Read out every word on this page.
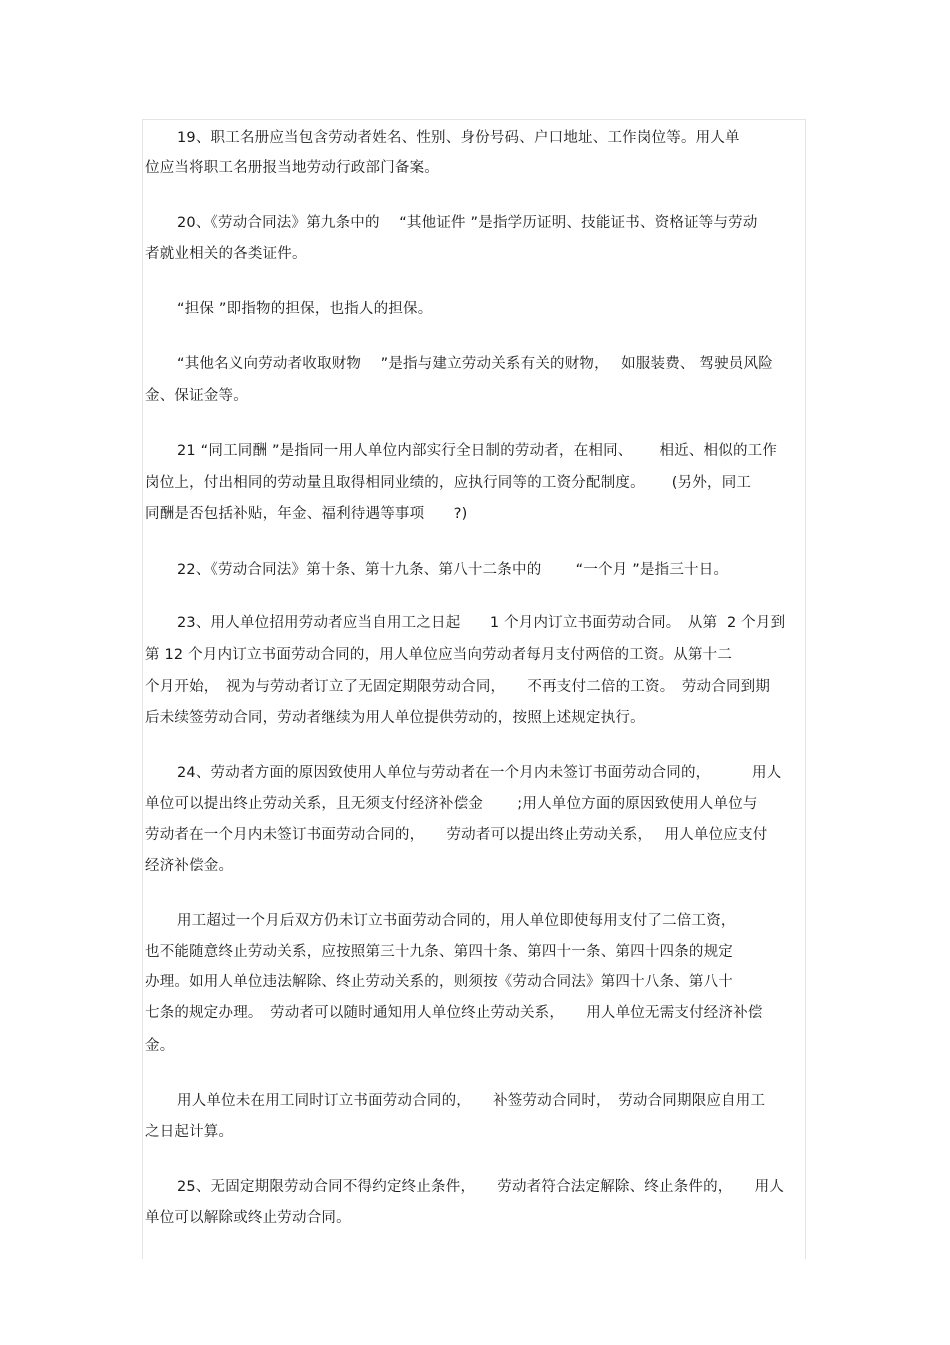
19、职工名册应当包含劳动者姓名、性别、身份号码、户口地址、工作岗位等。用人单
位应当将职工名册报当地劳动行政部门备案。
20、《劳动合同法》第九条中的　 “其他证件 ”是指学历证明、技能证书、资格证等与劳动
者就业相关的各类证件。
“担保 ”即指物的担保，也指人的担保。
“其他名义向劳动者收取财物　 ”是指与建立劳动关系有关的财物，　 如服装费、 驾驶员风险
金、保证金等。
21 “同工同酬 ”是指同一用人单位内部实行全日制的劳动者，在相同、　　 相近、相似的工作
岗位上，付出相同的劳动量且取得相同业绩的，应执行同等的工资分配制度。　　 (另外，同工
同酬是否包括补贴，年金、福利待遇等事项　　?)
22、《劳动合同法》第十条、第十九条、第八十二条中的　　 “一个月 ”是指三十日。
23、用人单位招用劳动者应当自用工之日起　　1 个月内订立书面劳动合同。　从第  2 个月到
第 12 个月内订立书面劳动合同的，用人单位应当向劳动者每月支付两倍的工资。从第十二
个月开始，　视为与劳动者订立了无固定期限劳动合同，　　不再支付二倍的工资。　劳动合同到期
后未续签劳动合同，劳动者继续为用人单位提供劳动的，按照上述规定执行。
24、劳动者方面的原因致使用人单位与劳动者在一个月内未签订书面劳动合同的，　　　 用人
单位可以提出终止劳动关系，且无须支付经济补偿金　　 ;用人单位方面的原因致使用人单位与
劳动者在一个月内未签订书面劳动合同的，　　劳动者可以提出终止劳动关系，　 用人单位应支付
经济补偿金。
用工超过一个月后双方仍未订立书面劳动合同的，用人单位即使每用支付了二倍工资，
也不能随意终止劳动关系，应按照第三十九条、第四十条、第四十一条、第四十四条的规定
办理。如用人单位违法解除、终止劳动关系的，则须按《劳动合同法》第四十八条、第八十
七条的规定办理。　劳动者可以随时通知用人单位终止劳动关系，　　用人单位无需支付经济补偿
金。
用人单位未在用工同时订立书面劳动合同的，　　补签劳动合同时，　劳动合同期限应自用工
之日起计算。
25、无固定期限劳动合同不得约定终止条件，　　劳动者符合法定解除、终止条件的，　　用人
单位可以解除或终止劳动合同。
